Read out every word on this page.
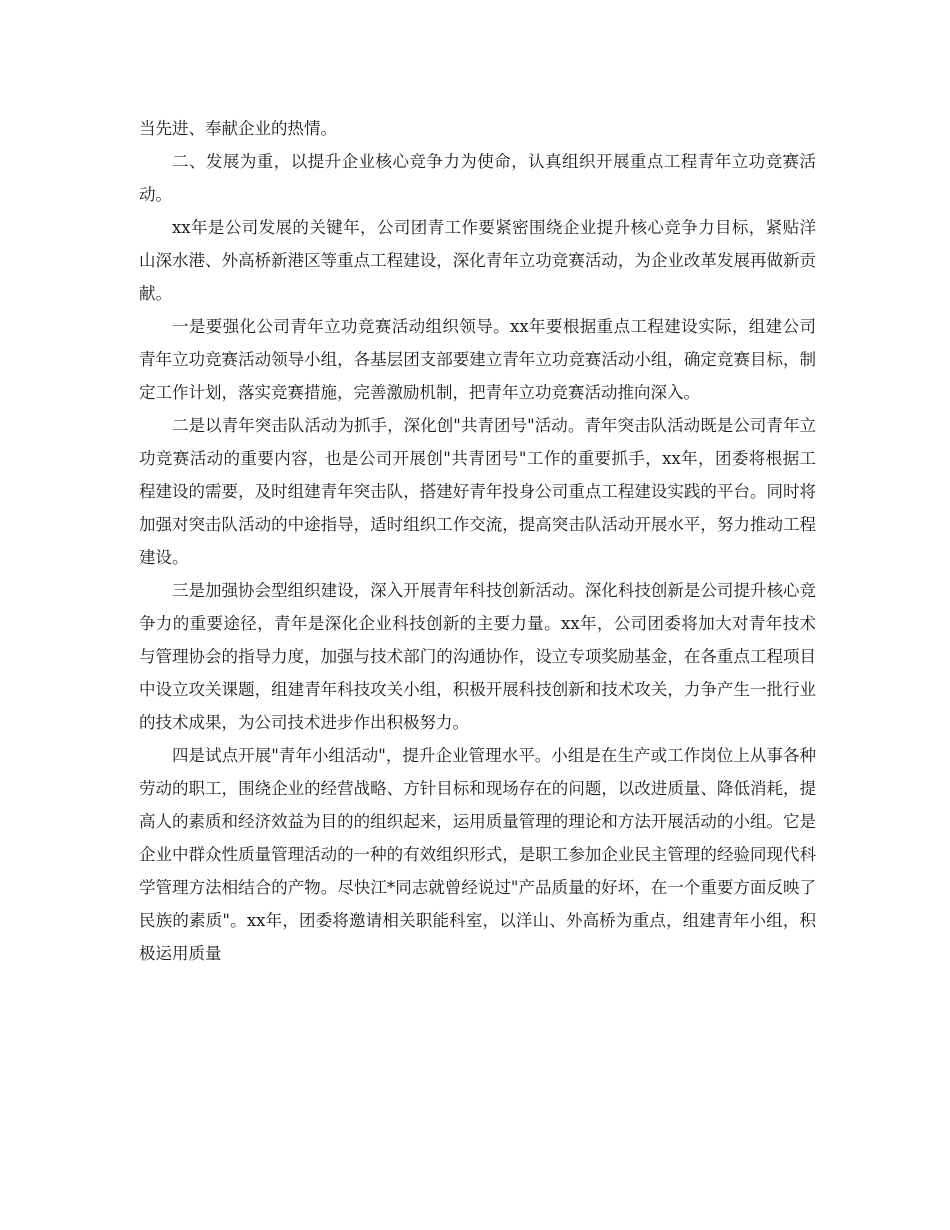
当先进、奉献企业的热情。

二、发展为重，以提升企业核心竞争力为使命，认真组织开展重点工程青年立功竞赛活动。

xx年是公司发展的关键年，公司团青工作要紧密围绕企业提升核心竞争力目标，紧贴洋山深水港、外高桥新港区等重点工程建设，深化青年立功竞赛活动，为企业改革发展再做新贡献。

一是要强化公司青年立功竞赛活动组织领导。xx年要根据重点工程建设实际，组建公司青年立功竞赛活动领导小组，各基层团支部要建立青年立功竞赛活动小组，确定竞赛目标，制定工作计划，落实竞赛措施，完善激励机制，把青年立功竞赛活动推向深入。

二是以青年突击队活动为抓手，深化创"共青团号"活动。青年突击队活动既是公司青年立功竞赛活动的重要内容，也是公司开展创"共青团号"工作的重要抓手，xx年，团委将根据工程建设的需要，及时组建青年突击队，搭建好青年投身公司重点工程建设实践的平台。同时将加强对突击队活动的中途指导，适时组织工作交流，提高突击队活动开展水平，努力推动工程建设。

三是加强协会型组织建设，深入开展青年科技创新活动。深化科技创新是公司提升核心竞争力的重要途径，青年是深化企业科技创新的主要力量。xx年，公司团委将加大对青年技术与管理协会的指导力度，加强与技术部门的沟通协作，设立专项奖励基金，在各重点工程项目中设立攻关课题，组建青年科技攻关小组，积极开展科技创新和技术攻关，力争产生一批行业的技术成果，为公司技术进步作出积极努力。

四是试点开展"青年小组活动"，提升企业管理水平。小组是在生产或工作岗位上从事各种劳动的职工，围绕企业的经营战略、方针目标和现场存在的问题，以改进质量、降低消耗，提高人的素质和经济效益为目的的组织起来，运用质量管理的理论和方法开展活动的小组。它是企业中群众性质量管理活动的一种的有效组织形式，是职工参加企业民主管理的经验同现代科学管理方法相结合的产物。尽快江*同志就曾经说过"产品质量的好坏，在一个重要方面反映了民族的素质"。xx年，团委将邀请相关职能科室，以洋山、外高桥为重点，组建青年小组，积极运用质量
